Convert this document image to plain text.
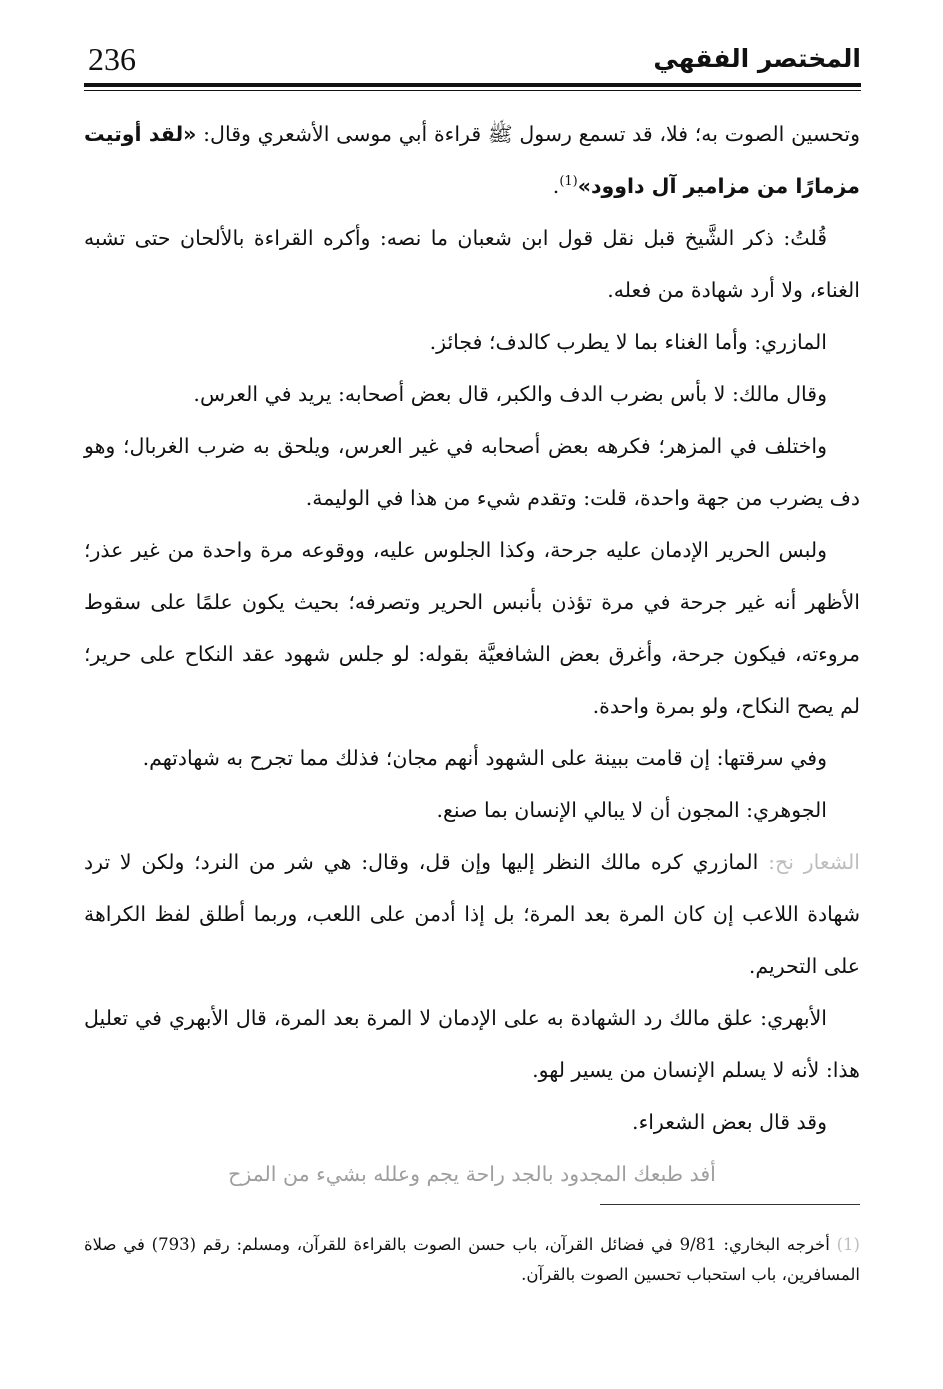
236	المختصر الفقهي

وتحسين الصوت به؛ فلا، قد تسمع رسول ﷺ قراءة أبي موسى الأشعري وقال: «لقد أوتيت مزمارًا من مزامير آل داوود»$^{(1)}$.

قُلتُ: ذكر الشَّيخ قبل نقل قول ابن شعبان ما نصه: وأكره القراءة بالألحان حتى تشبه الغناء، ولا أرد شهادة من فعله.

المازري: وأما الغناء بما لا يطرب كالدف؛ فجائز.

وقال مالك: لا بأس بضرب الدف والكبر، قال بعض أصحابه: يريد في العرس.

واختلف في المزهر؛ فكرهه بعض أصحابه في غير العرس، ويلحق به ضرب الغربال؛ وهو دف يضرب من جهة واحدة، قلت: وتقدم شيء من هذا في الوليمة.

ولبس الحرير الإدمان عليه جرحة، وكذا الجلوس عليه، ووقوعه مرة واحدة من غير عذر؛ الأظهر أنه غير جرحة في مرة تؤذن بأنبس الحرير وتصرفه؛ بحيث يكون علمًا على سقوط مروءته، فيكون جرحة، وأغرق بعض الشافعيَّة بقوله: لو جلس شهود عقد النكاح على حرير؛ لم يصح النكاح، ولو بمرة واحدة.

وفي سرقتها: إن قامت ببينة على الشهود أنهم مجان؛ فذلك مما تجرح به شهادتهم.

الجوهري: المجون أن لا يبالي الإنسان بما صنع.

الشعار نح: المازري كره مالك النظر إليها وإن قل، وقال: هي شر من النرد؛ ولكن لا ترد شهادة اللاعب إن كان المرة بعد المرة؛ بل إذا أدمن على اللعب، وربما أطلق لفظ الكراهة على التحريم.

الأبهري: علق مالك رد الشهادة به على الإدمان لا المرة بعد المرة، قال الأبهري في تعليل هذا: لأنه لا يسلم الإنسان من يسير لهو.

وقد قال بعض الشعراء.

أفد طبعك المجدود بالجد راحة يجم وعلله بشيء من المزح

(1) أخرجه البخاري: 9/81 في فضائل القرآن، باب حسن الصوت بالقراءة للقرآن، ومسلم: رقم (793) في صلاة المسافرين، باب استحباب تحسين الصوت بالقرآن.
